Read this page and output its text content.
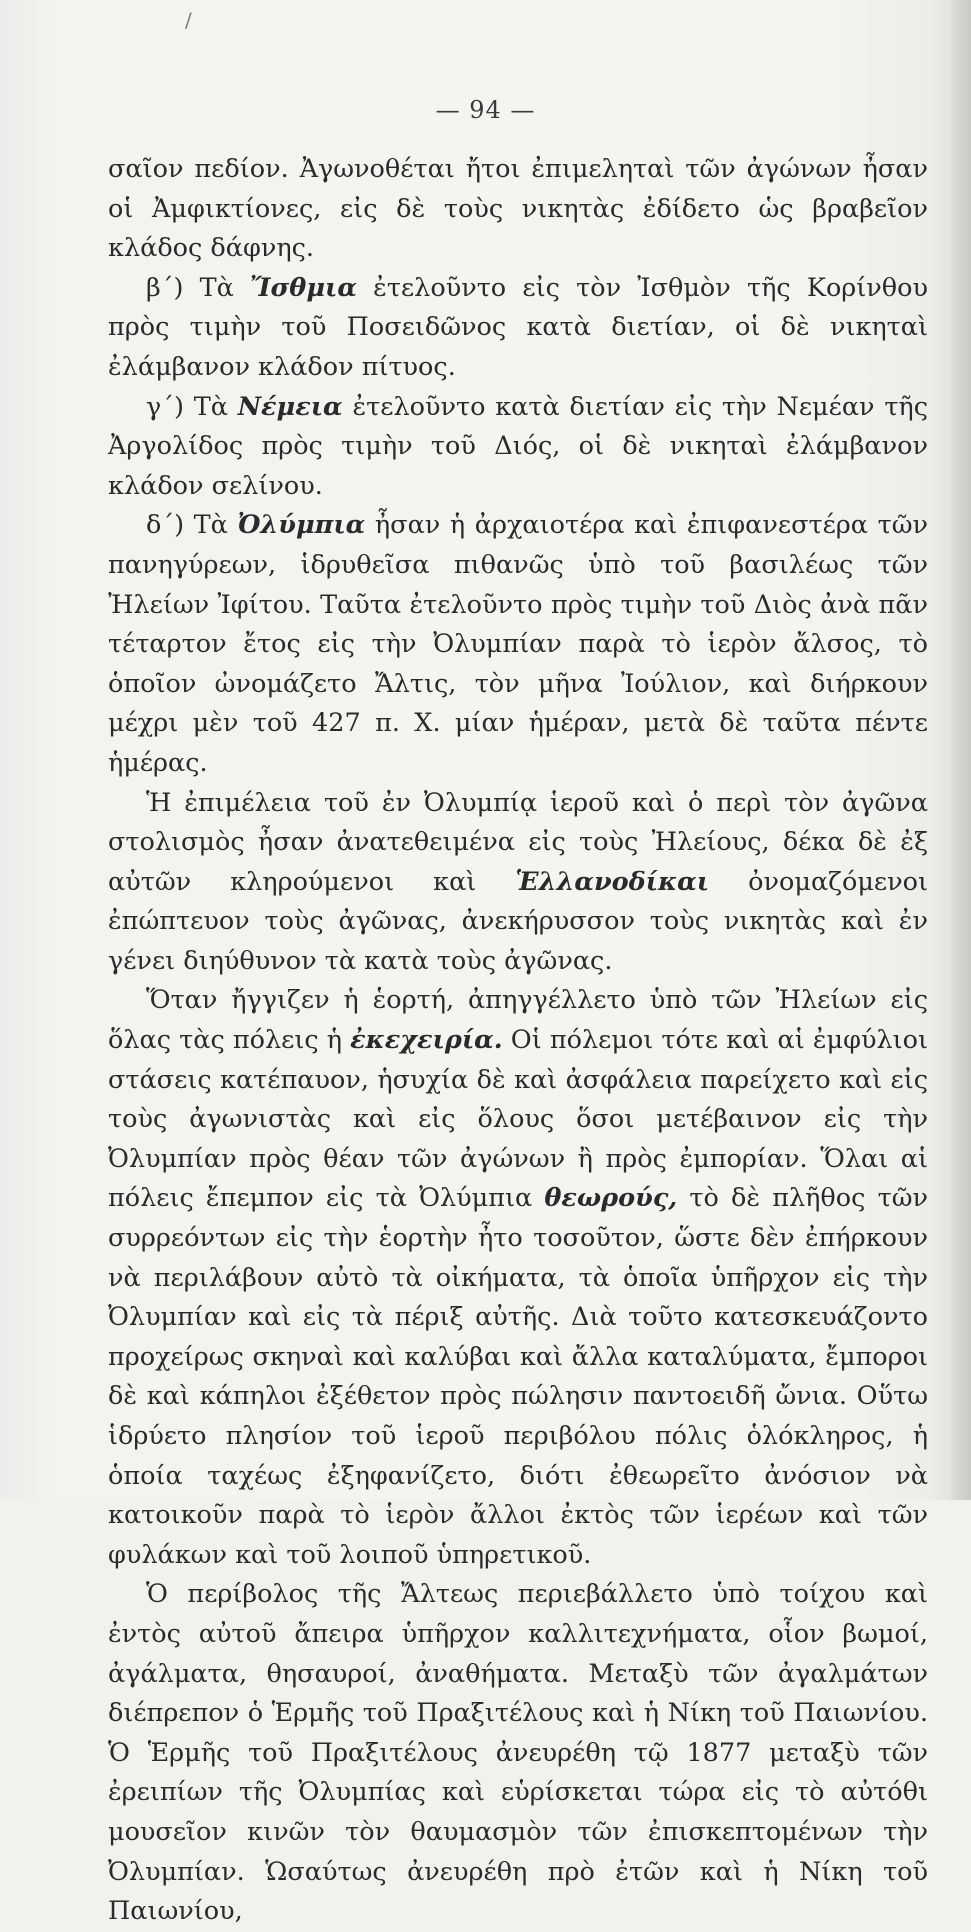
/
— 94 —

σαῖον πεδίον. Ἀγωνοθέται ἤτοι ἐπιμεληταὶ τῶν ἀγώνων ἦσαν οἱ Ἀμφικτίονες, εἰς δὲ τοὺς νικητὰς ἐδίδετο ὡς βραβεῖον κλάδος δάφνης.

β΄) Τὰ Ἴσθμια ἐτελοῦντο εἰς τὸν Ἰσθμὸν τῆς Κορίνθου πρὸς τιμὴν τοῦ Ποσειδῶνος κατὰ διετίαν, οἱ δὲ νικηταὶ ἐλάμβανον κλάδον πίτυος.

γ΄) Τὰ Νέμεια ἐτελοῦντο κατὰ διετίαν εἰς τὴν Νεμέαν τῆς Ἀργολίδος πρὸς τιμὴν τοῦ Διός, οἱ δὲ νικηταὶ ἐλάμβανον κλάδον σελίνου.

δ΄) Τὰ Ὀλύμπια ἦσαν ἡ ἀρχαιοτέρα καὶ ἐπιφανεστέρα τῶν πανηγύρεων, ἱδρυθεῖσα πιθανῶς ὑπὸ τοῦ βασιλέως τῶν Ἠλείων Ἰφίτου. Ταῦτα ἐτελοῦντο πρὸς τιμὴν τοῦ Διὸς ἀνὰ πᾶν τέταρτον ἔτος εἰς τὴν Ὀλυμπίαν παρὰ τὸ ἱερὸν ἄλσος, τὸ ὁποῖον ὠνομάζετο Ἄλτις, τὸν μῆνα Ἰούλιον, καὶ διήρκουν μέχρι μὲν τοῦ 427 π. Χ. μίαν ἡμέραν, μετὰ δὲ ταῦτα πέντε ἡμέρας.

Ἡ ἐπιμέλεια τοῦ ἐν Ὀλυμπίᾳ ἱεροῦ καὶ ὁ περὶ τὸν ἀγῶνα στολισμὸς ἦσαν ἀνατεθειμένα εἰς τοὺς Ἠλείους, δέκα δὲ ἐξ αὐτῶν κληρούμενοι καὶ Ἑλλανοδίκαι ὀνομαζόμενοι ἐπώπτευον τοὺς ἀγῶνας, ἀνεκήρυσσον τοὺς νικητὰς καὶ ἐν γένει διηύθυνον τὰ κατὰ τοὺς ἀγῶνας.

Ὅταν ἤγγιζεν ἡ ἑορτή, ἀπηγγέλλετο ὑπὸ τῶν Ἠλείων εἰς ὅλας τὰς πόλεις ἡ ἐκεχειρία. Οἱ πόλεμοι τότε καὶ αἱ ἐμφύλιοι στάσεις κατέπαυον, ἡσυχία δὲ καὶ ἀσφάλεια παρείχετο καὶ εἰς τοὺς ἀγωνιστὰς καὶ εἰς ὅλους ὅσοι μετέβαινον εἰς τὴν Ὀλυμπίαν πρὸς θέαν τῶν ἀγώνων ἢ πρὸς ἐμπορίαν. Ὅλαι αἱ πόλεις ἔπεμπον εἰς τὰ Ὀλύμπια θεωρούς, τὸ δὲ πλῆθος τῶν συρρεόντων εἰς τὴν ἑορτὴν ἦτο τοσοῦτον, ὥστε δὲν ἐπήρκουν νὰ περιλάβουν αὐτὸ τὰ οἰκήματα, τὰ ὁποῖα ὑπῆρχον εἰς τὴν Ὀλυμπίαν καὶ εἰς τὰ πέριξ αὐτῆς. Διὰ τοῦτο κατεσκευάζοντο προχείρως σκηναὶ καὶ καλύβαι καὶ ἄλλα καταλύματα, ἔμποροι δὲ καὶ κάπηλοι ἐξέθετον πρὸς πώλησιν παντοειδῆ ὤνια. Οὕτω ἱδρύετο πλησίον τοῦ ἱεροῦ περιβόλου πόλις ὁλόκληρος, ἡ ὁποία ταχέως ἐξηφανίζετο, διότι ἐθεωρεῖτο ἀνόσιον νὰ κατοικοῦν παρὰ τὸ ἱερὸν ἄλλοι ἐκτὸς τῶν ἱερέων καὶ τῶν φυλάκων καὶ τοῦ λοιποῦ ὑπηρετικοῦ.

Ὁ περίβολος τῆς Ἄλτεως περιεβάλλετο ὑπὸ τοίχου καὶ ἐντὸς αὐτοῦ ἄπειρα ὑπῆρχον καλλιτεχνήματα, οἷον βωμοί, ἀγάλματα, θησαυροί, ἀναθήματα. Μεταξὺ τῶν ἀγαλμάτων διέπρεπον ὁ Ἑρμῆς τοῦ Πραξιτέλους καὶ ἡ Νίκη τοῦ Παιωνίου. Ὁ Ἑρμῆς τοῦ Πραξιτέλους ἀνευρέθη τῷ 1877 μεταξὺ τῶν ἐρειπίων τῆς Ὀλυμπίας καὶ εὑρίσκεται τώρα εἰς τὸ αὐτόθι μουσεῖον κινῶν τὸν θαυμασμὸν τῶν ἐπισκεπτομένων τὴν Ὀλυμπίαν. Ὡσαύτως ἀνευρέθη πρὸ ἐτῶν καὶ ἡ Νίκη τοῦ Παιωνίου,
